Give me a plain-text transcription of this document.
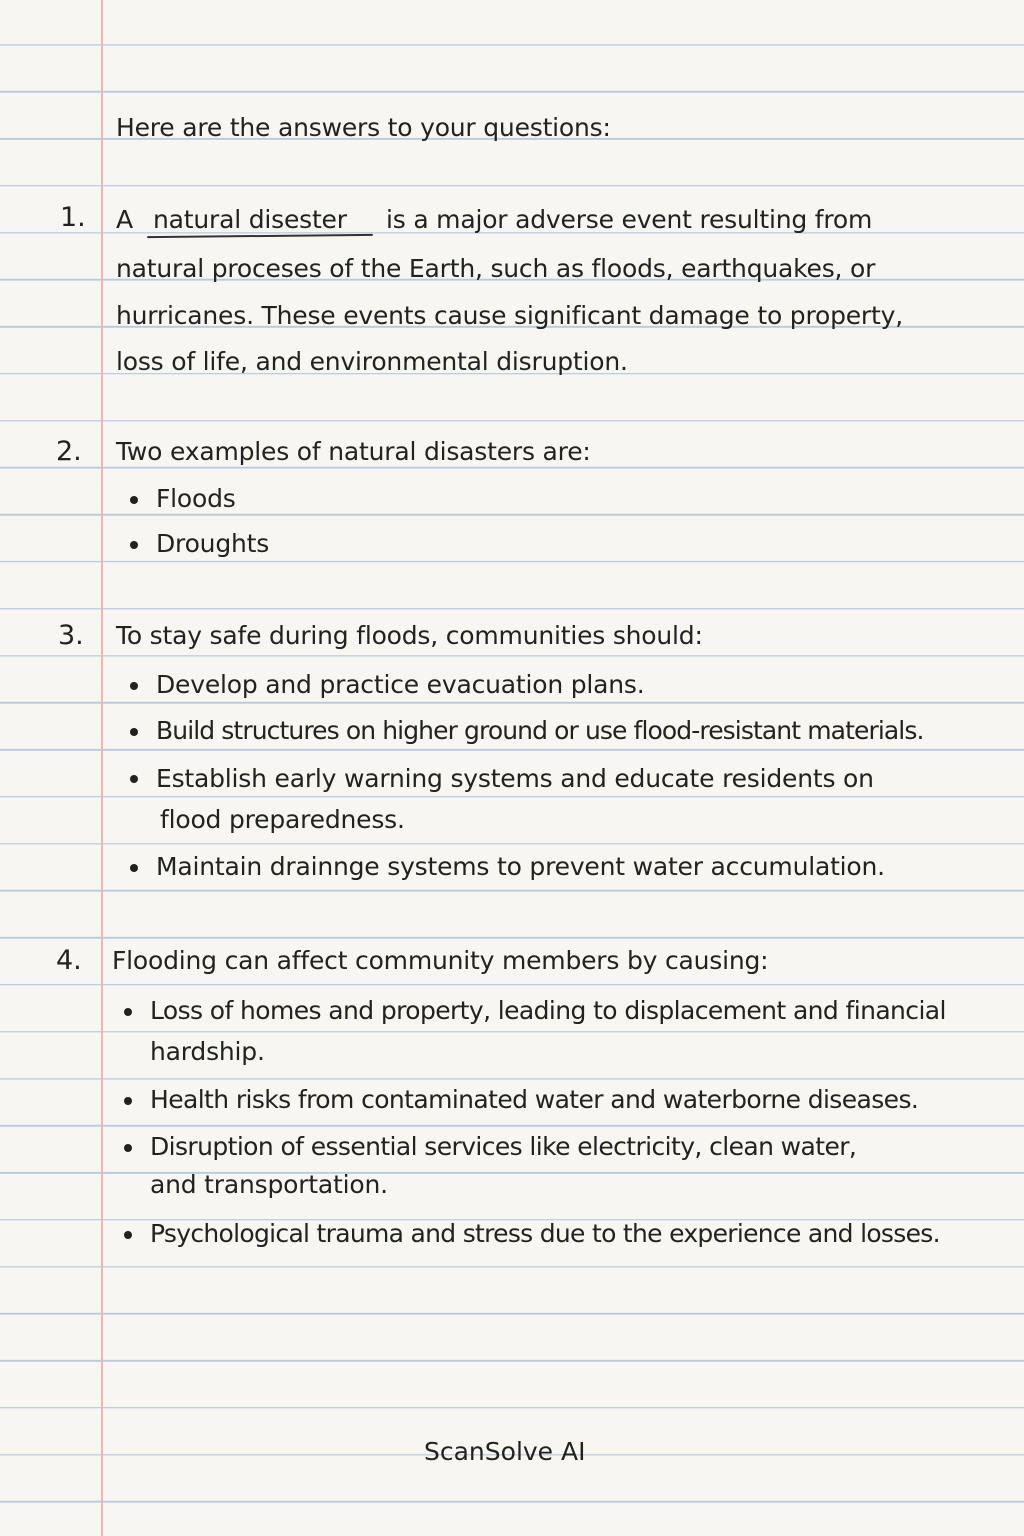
Here are the answers to your questions:
1. A natural disester is a major adverse event resulting from
natural proceses of the Earth, such as floods, earthquakes, or
hurricanes. These events cause significant damage to property,
loss of life, and environmental disruption.
2. Two examples of natural disasters are:
Floods
Droughts
3. To stay safe during floods, communities should:
Develop and practice evacuation plans.
Build structures on higher ground or use flood-resistant materials.
Establish early warning systems and educate residents on
flood preparedness.
Maintain drainnge systems to prevent water accumulation.
4. Flooding can affect community members by causing:
Loss of homes and property, leading to displacement and financial
hardship.
Health risks from contaminated water and waterborne diseases.
Disruption of essential services like electricity, clean water,
and transportation.
Psychological trauma and stress due to the experience and losses.
ScanSolve AI
